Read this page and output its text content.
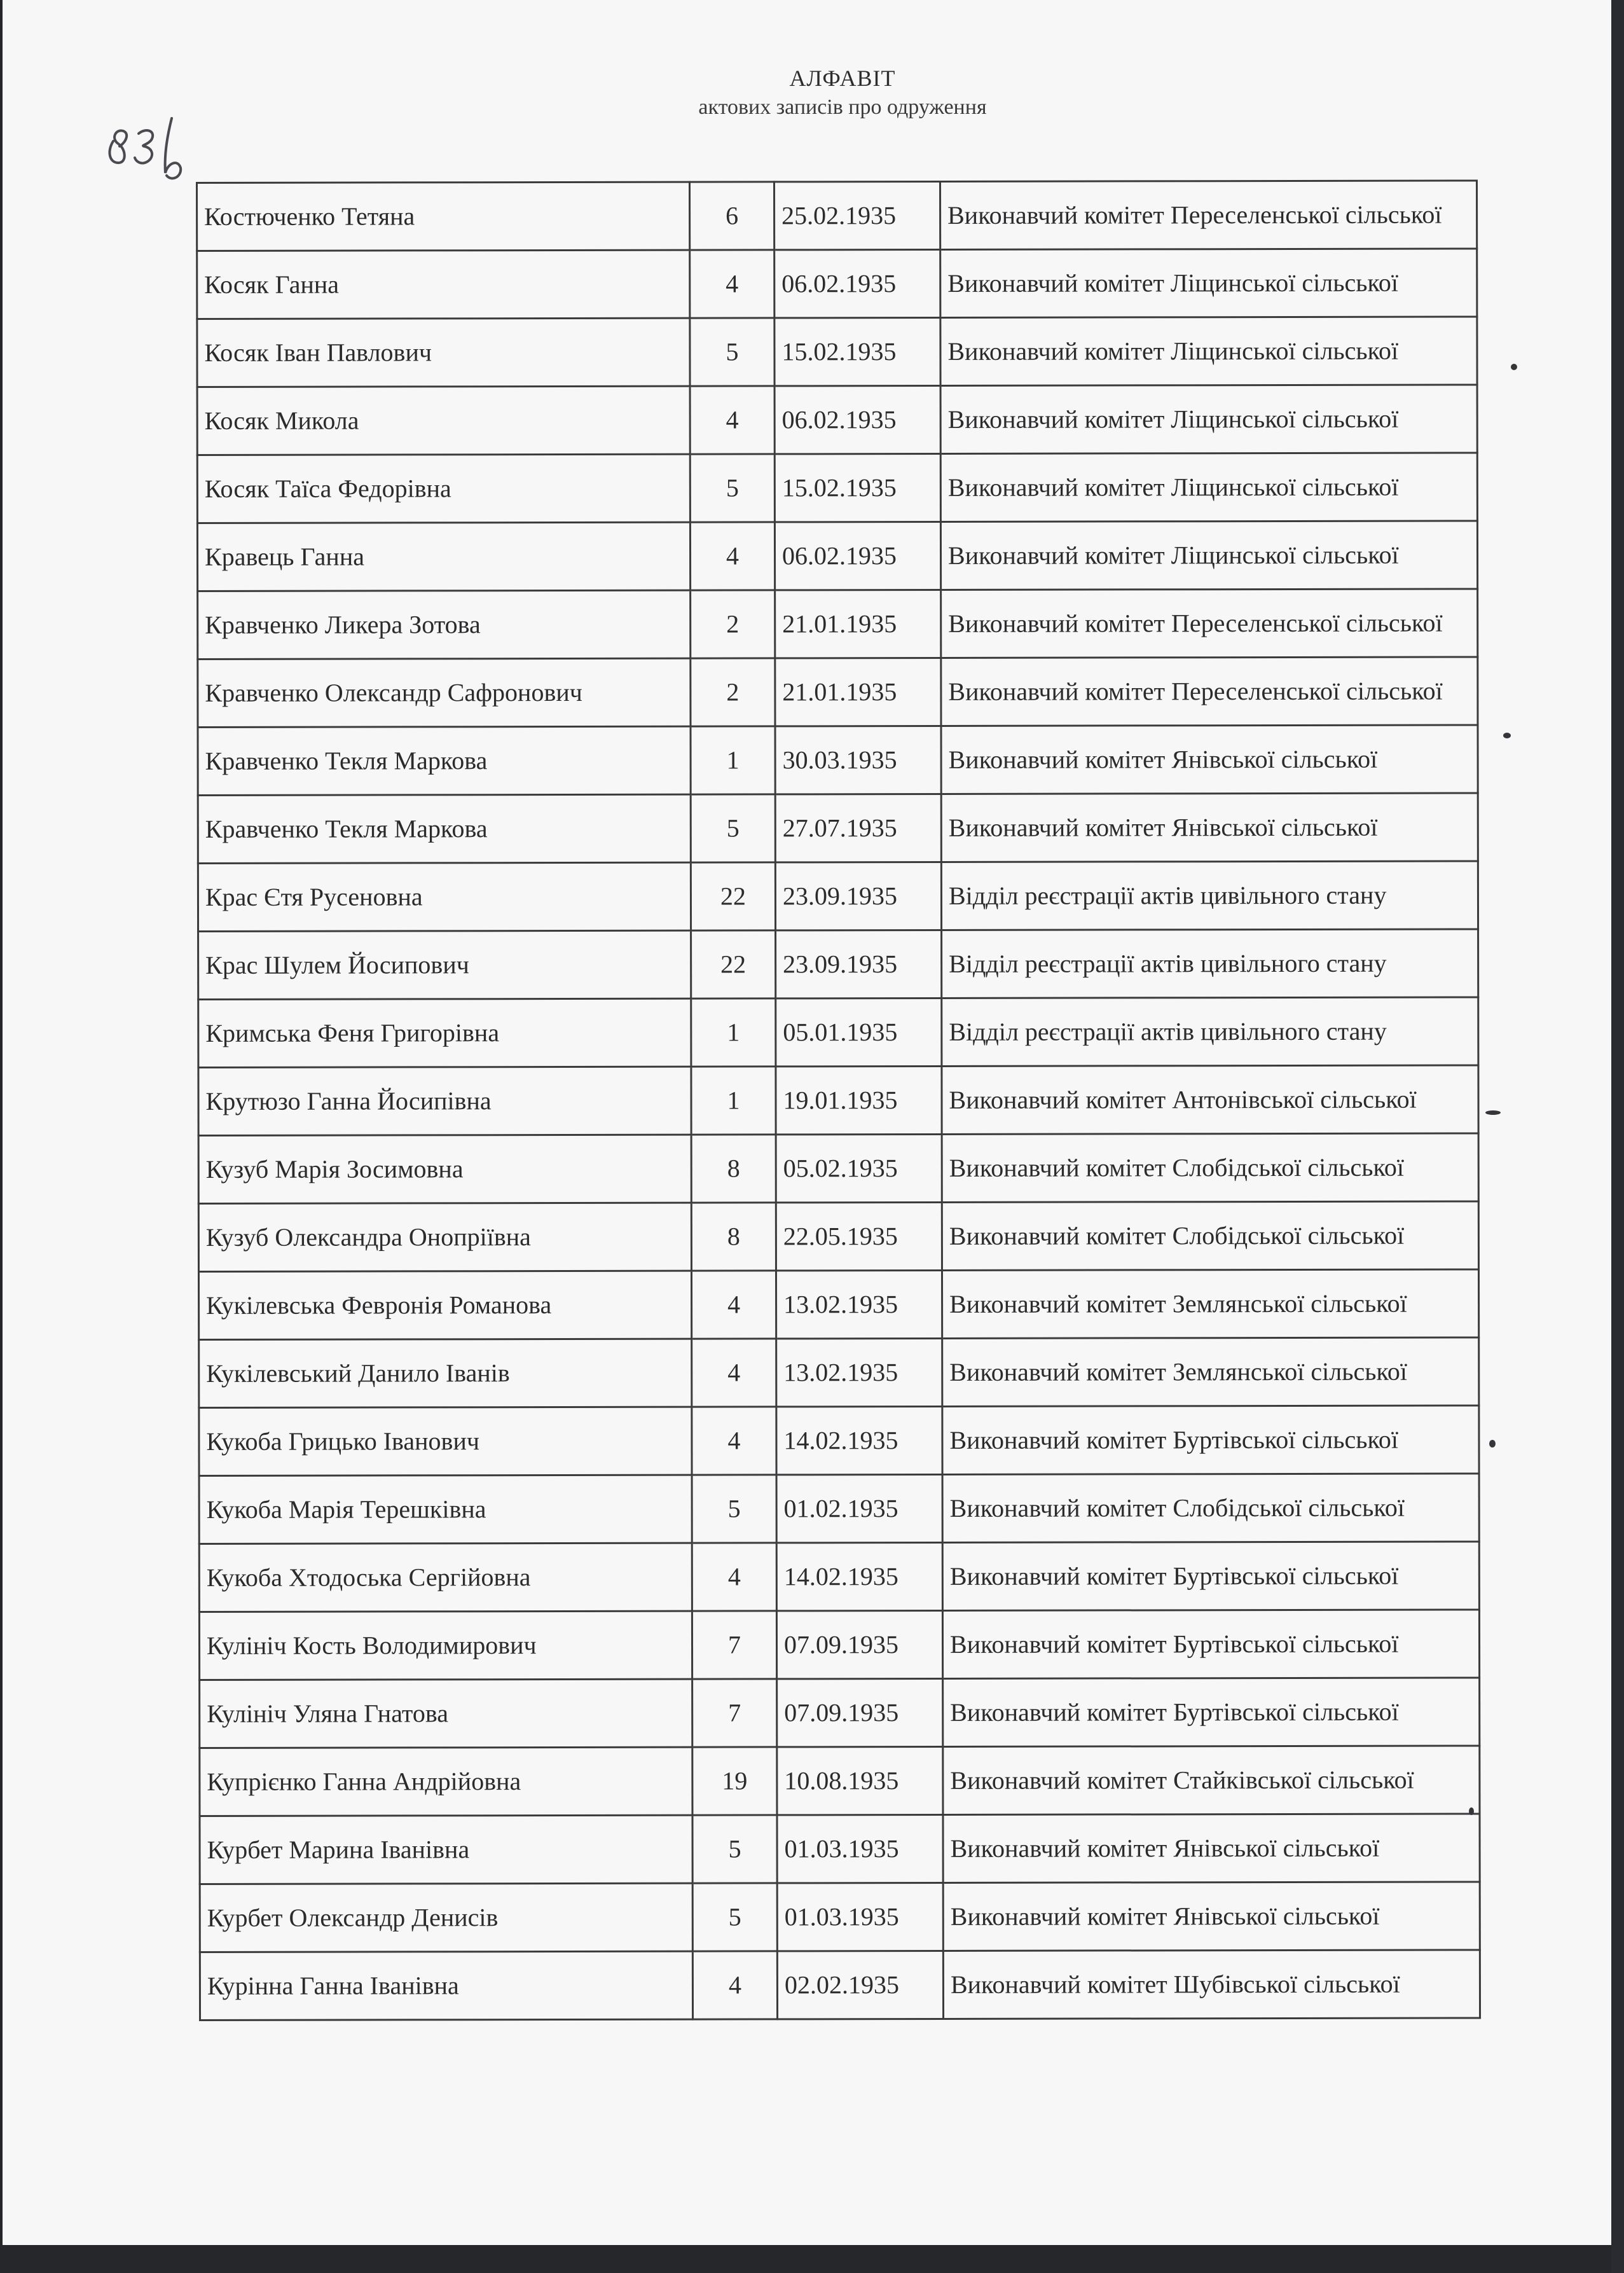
АЛФАВІТ
актових записів про одруження
Костюченко Тетяна	6	25.02.1935	Виконавчий комітет Переселенської сільської
Косяк Ганна	4	06.02.1935	Виконавчий комітет Ліщинської сільської
Косяк Іван Павлович	5	15.02.1935	Виконавчий комітет Ліщинської сільської
Косяк Микола	4	06.02.1935	Виконавчий комітет Ліщинської сільської
Косяк Таїса Федорівна	5	15.02.1935	Виконавчий комітет Ліщинської сільської
Кравець Ганна	4	06.02.1935	Виконавчий комітет Ліщинської сільської
Кравченко Ликера Зотова	2	21.01.1935	Виконавчий комітет Переселенської сільської
Кравченко Олександр Сафронович	2	21.01.1935	Виконавчий комітет Переселенської сільської
Кравченко Текля Маркова	1	30.03.1935	Виконавчий комітет Янівської сільської
Кравченко Текля Маркова	5	27.07.1935	Виконавчий комітет Янівської сільської
Крас Єтя Русеновна	22	23.09.1935	Відділ реєстрації актів цивільного стану
Крас Шулем Йосипович	22	23.09.1935	Відділ реєстрації актів цивільного стану
Кримська Феня Григорівна	1	05.01.1935	Відділ реєстрації актів цивільного стану
Крутюзо Ганна Йосипівна	1	19.01.1935	Виконавчий комітет Антонівської сільської
Кузуб Марія Зосимовна	8	05.02.1935	Виконавчий комітет Слобідської сільської
Кузуб Олександра Онопріївна	8	22.05.1935	Виконавчий комітет Слобідської сільської
Кукілевська Февронія Романова	4	13.02.1935	Виконавчий комітет Землянської сільської
Кукілевський Данило Іванів	4	13.02.1935	Виконавчий комітет Землянської сільської
Кукоба Грицько Іванович	4	14.02.1935	Виконавчий комітет Буртівської сільської
Кукоба Марія Терешківна	5	01.02.1935	Виконавчий комітет Слобідської сільської
Кукоба Хтодоська Сергійовна	4	14.02.1935	Виконавчий комітет Буртівської сільської
Кулініч Кость Володимирович	7	07.09.1935	Виконавчий комітет Буртівської сільської
Кулініч Уляна Гнатова	7	07.09.1935	Виконавчий комітет Буртівської сільської
Купрієнко Ганна Андрійовна	19	10.08.1935	Виконавчий комітет Стайківської сільської
Курбет Марина Іванівна	5	01.03.1935	Виконавчий комітет Янівської сільської
Курбет Олександр Денисів	5	01.03.1935	Виконавчий комітет Янівської сільської
Курінна Ганна Іванівна	4	02.02.1935	Виконавчий комітет Шубівської сільської
